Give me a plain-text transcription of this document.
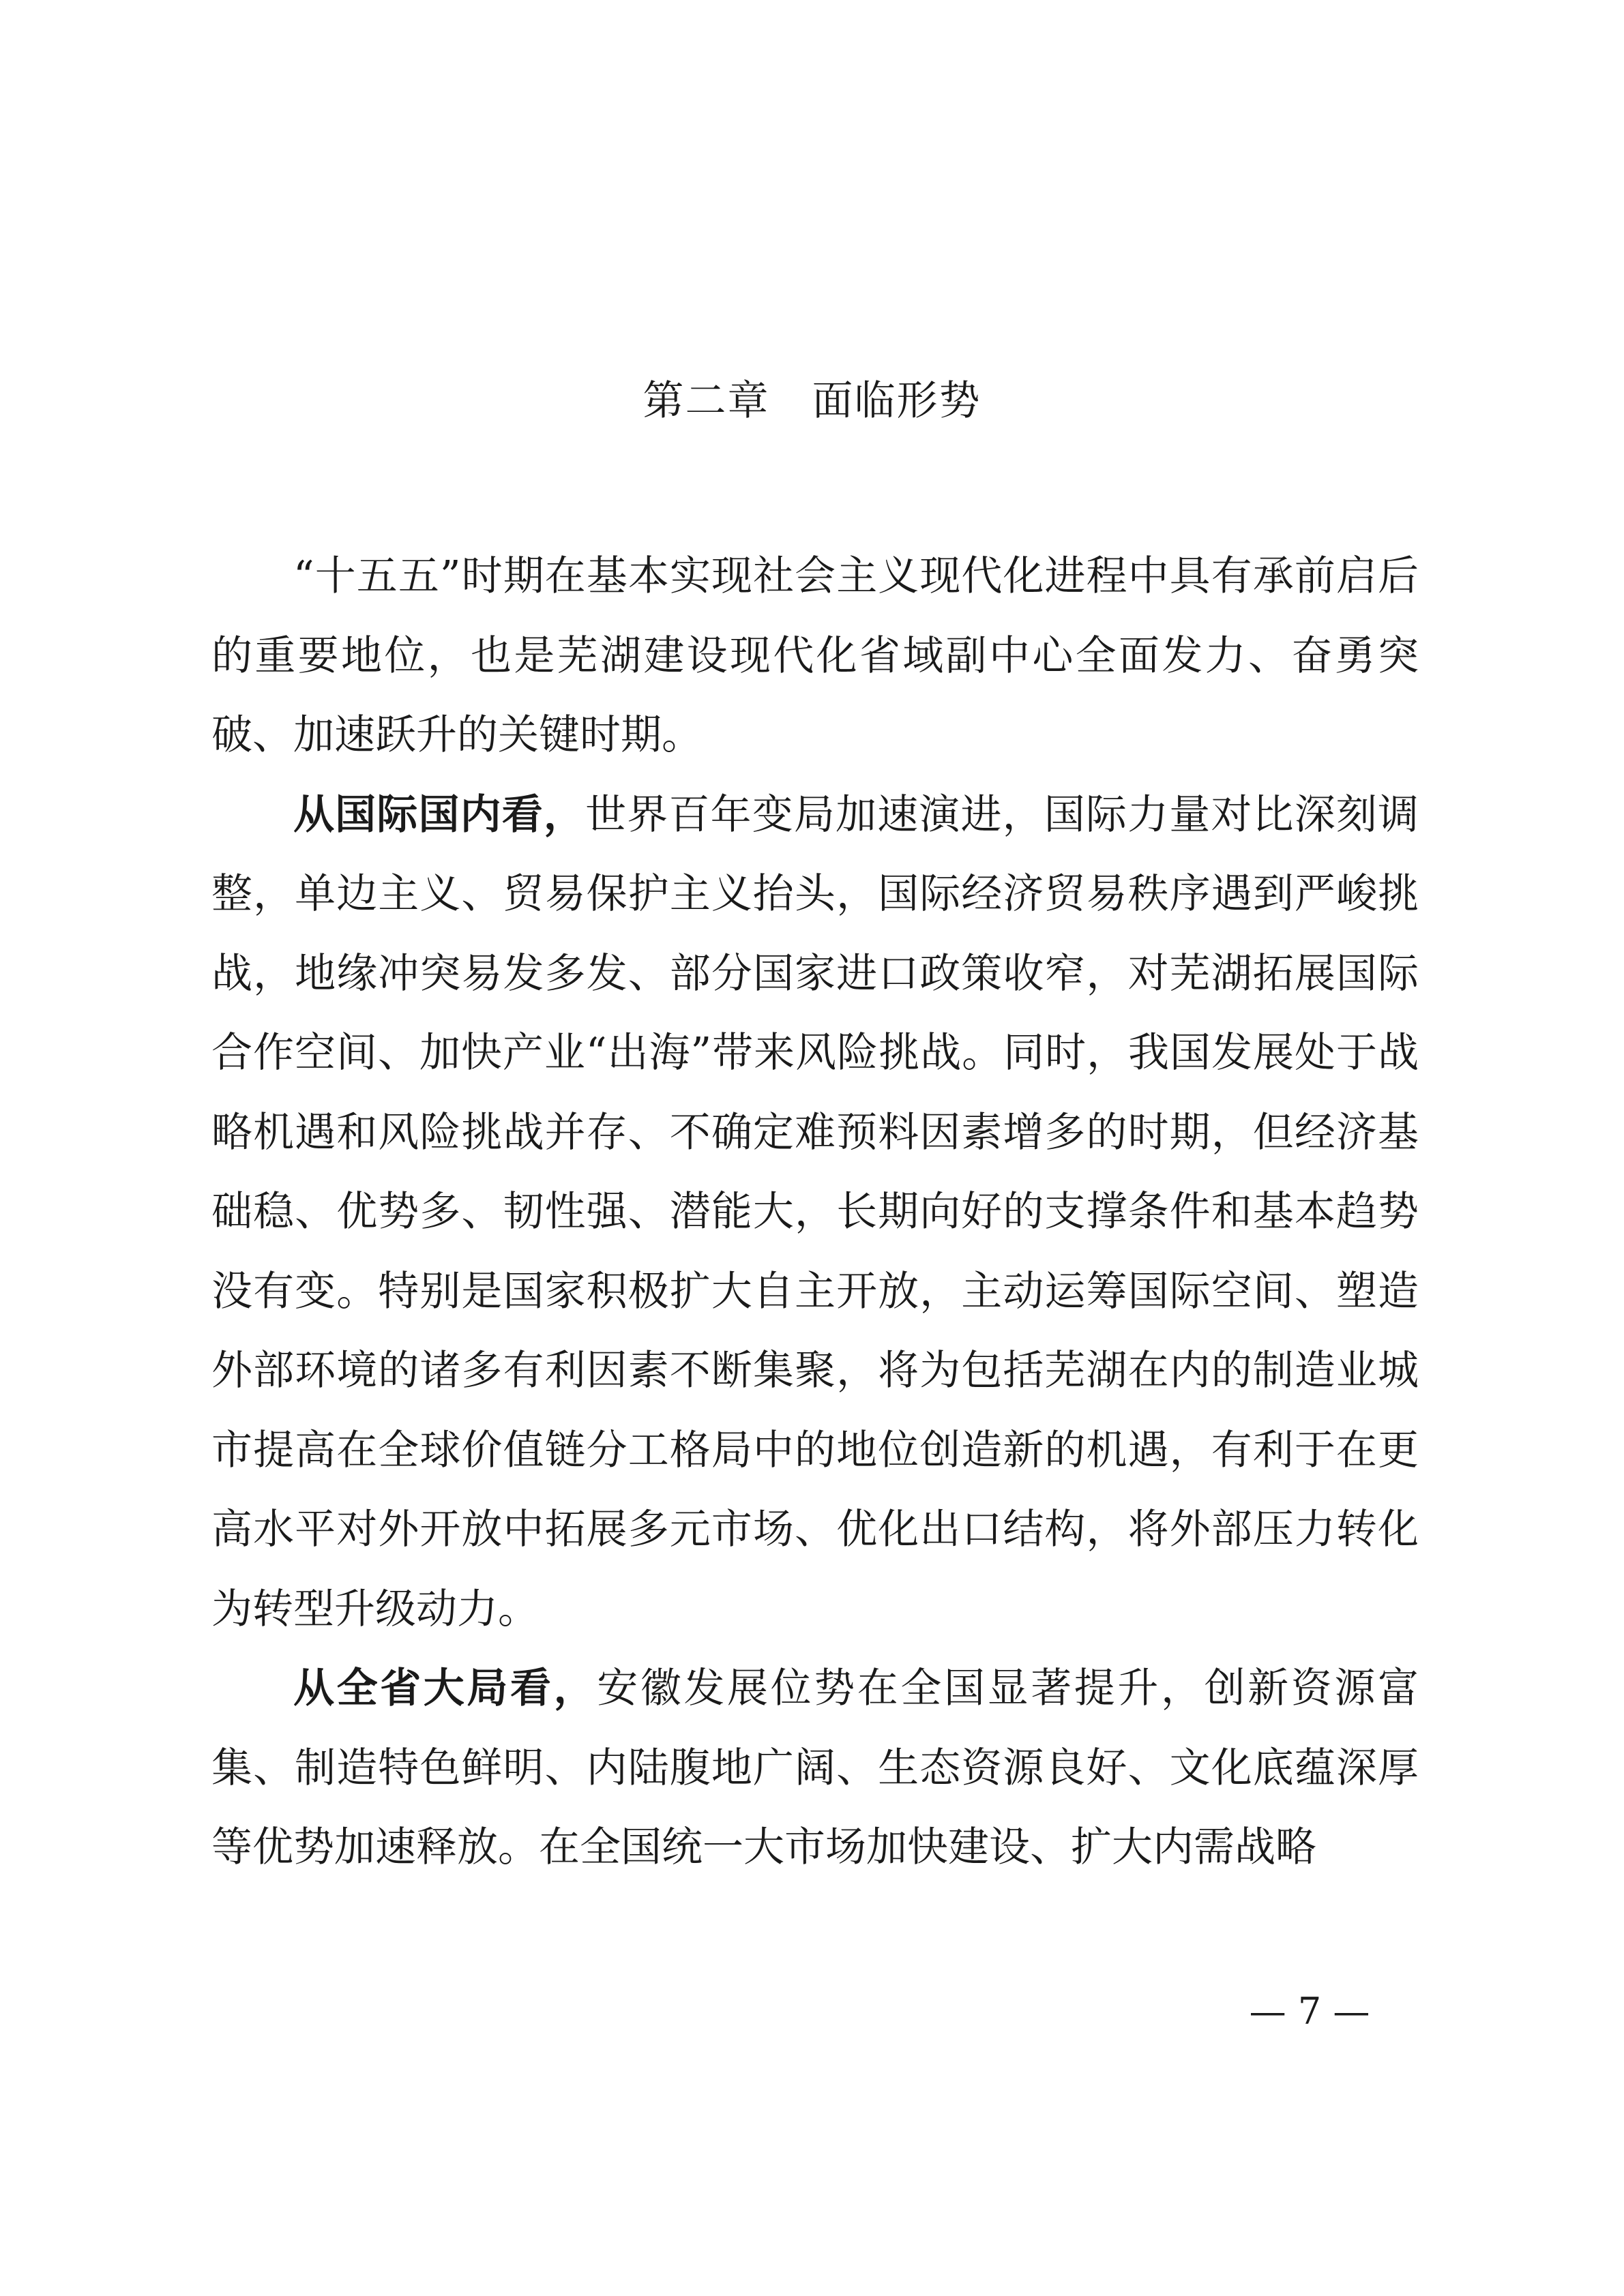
第二章　面临形势

“十五五”时期在基本实现社会主义现代化进程中具有承前启后的重要地位，也是芜湖建设现代化省域副中心全面发力、奋勇突破、加速跃升的关键时期。

从国际国内看，世界百年变局加速演进，国际力量对比深刻调整，单边主义、贸易保护主义抬头，国际经济贸易秩序遇到严峻挑战，地缘冲突易发多发、部分国家进口政策收窄，对芜湖拓展国际合作空间、加快产业“出海”带来风险挑战。同时，我国发展处于战略机遇和风险挑战并存、不确定难预料因素增多的时期，但经济基础稳、优势多、韧性强、潜能大，长期向好的支撑条件和基本趋势没有变。特别是国家积极扩大自主开放，主动运筹国际空间、塑造外部环境的诸多有利因素不断集聚，将为包括芜湖在内的制造业城市提高在全球价值链分工格局中的地位创造新的机遇，有利于在更高水平对外开放中拓展多元市场、优化出口结构，将外部压力转化为转型升级动力。

从全省大局看，安徽发展位势在全国显著提升，创新资源富集、制造特色鲜明、内陆腹地广阔、生态资源良好、文化底蕴深厚等优势加速释放。在全国统一大市场加快建设、扩大内需战略

— 7 —
